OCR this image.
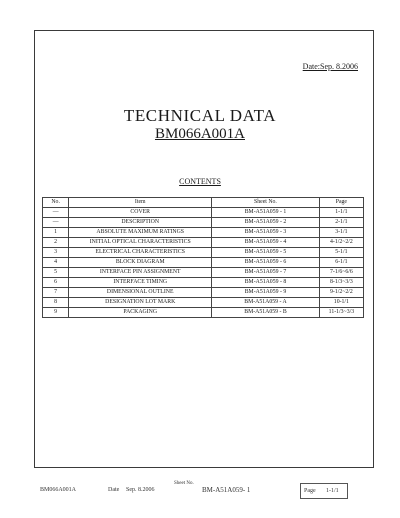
Date:Sep. 8.2006
TECHNICAL DATA
BM066A001A
CONTENTS
No.	Item	Sheet No.	Page
—	COVER	BM-A51A059 - 1	1-1/1
—	DESCRIPTION	BM-A51A059 - 2	2-1/1
1	ABSOLUTE MAXIMUM RATINGS	BM-A51A059 - 3	3-1/1
2	INITIAL OPTICAL CHARACTERISTICS	BM-A51A059 - 4	4-1/2~2/2
3	ELECTRICAL CHARACTERISTICS	BM-A51A059 - 5	5-1/1
4	BLOCK DIAGRAM	BM-A51A059 - 6	6-1/1
5	INTERFACE PIN ASSIGNMENT	BM-A51A059 - 7	7-1/6~6/6
6	INTERFACE TIMING	BM-A51A059 - 8	8-1/3~3/3
7	DIMENSIONAL OUTLINE	BM-A51A059 - 9	9-1/2~2/2
8	DESIGNATION LOT MARK	BM-A51A059 - A	10-1/1
9	PACKAGING	BM-A51A059 - B	11-1/3~3/3
BM066A001A	Date Sep. 8.2006
Sheet No.
BM-A51A059- 1	Page 1-1/1
